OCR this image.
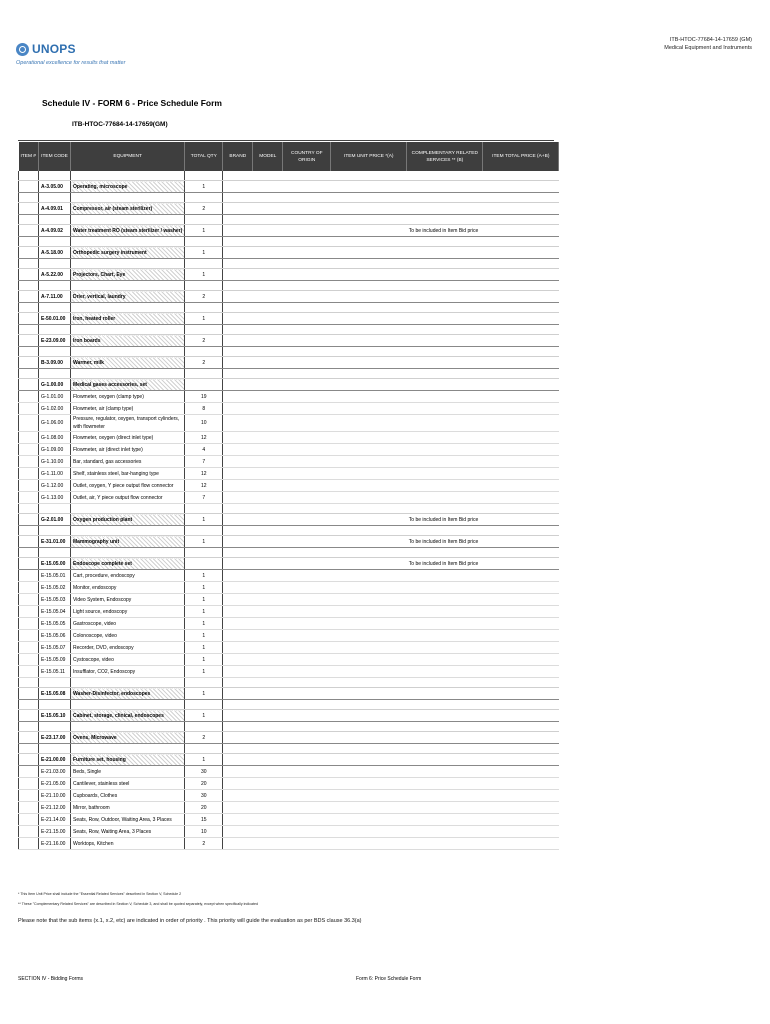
ITB-HTOC-77684-14-17659 (GM)
Medical Equipment and Instruments
UNOPS
Operational excellence for results that matter
Schedule IV - FORM 6 - Price Schedule Form
ITB-HTOC-77684-14-17659(GM)
ITEM #	ITEM CODE	EQUIPMENT	TOTAL QTY	BRAND	MODEL	COUNTRY OF ORIGIN	ITEM UNIT PRICE *(A)	COMPLEMENTARY RELATED SERVICES ** (B)	ITEM TOTAL PRICE (A+B)

	A-3.05.00	Operating, microscope	1						

	A-4.09.01	Compressor, air (steam sterilizer)	2						

	A-4.09.02	Water treatment RO (steam sterilizer / washer)	1					To be included in Item Bid price	

	A-5.18.00	Orthopedic surgery instrument	1						

	A-5.22.00	Projectors, Chart, Eye	1						

	A-7.11.00	Drier, vertical, laundry	2						

	E-50.01.00	Iron, heated roller	1						

	E-23.09.00	Iron boards	2						

	B-3.09.00	Warmer, milk	2						

	G-1.00.00	Medical gases accessories, set							
	G-1.01.00	Flowmeter, oxygen (clamp type)	19						
	G-1.02.00	Flowmeter, air (clamp type)	8						
	G-1.06.00	Pressure, regulator, oxygen, transport cylinders, with flowmeter	10						
	G-1.08.00	Flowmeter, oxygen (direct inlet type)	12						
	G-1.09.00	Flowmeter, air (direct inlet type)	4						
	G-1.10.00	Bar, standard, gas accessories	7						
	G-1.11.00	Shelf, stainless steel, bar-hanging type	12						
	G-1.12.00	Outlet, oxygen, Y piece output flow connector	12						
	G-1.13.00	Outlet, air, Y piece output flow connector	7						

	G-2.01.00	Oxygen production plant	1					To be included in Item Bid price	

	E-31.01.00	Mammography unit	1					To be included in Item Bid price	

	E-15.05.00	Endoscope complete set						To be included in Item Bid price	
	E-15.05.01	Cart, procedure, endoscopy	1						
	E-15.05.02	Monitor, endoscopy	1						
	E-15.05.03	Video System, Endoscopy	1						
	E-15.05.04	Light source, endoscopy	1						
	E-15.05.05	Gastroscope, video	1						
	E-15.05.06	Colonoscope, video	1						
	E-15.05.07	Recorder, DVD, endoscopy	1						
	E-15.05.09	Cystoscope, video	1						
	E-15.05.11	Insufflator, CO2, Endoscopy	1						

	E-15.05.08	Washer-Disinfector, endoscopes	1						

	E-15.05.10	Cabinet, storage, clinical, endoscopes	1						

	E-23.17.00	Ovens, Microwave	2						

	E-21.00.00	Furniture set, housing	1						
	E-21.03.00	Beds, Single	30						
	E-21.05.00	Cantilever, stainless steel	20						
	E-21.10.00	Cupboards, Clothes	30						
	E-21.12.00	Mirror, bathroom	20						
	E-21.14.00	Seats, Row, Outdoor, Waiting Area, 3 Places	15						
	E-21.15.00	Seats, Row, Waiting Area, 3 Places	10						
	E-21.16.00	Worktops, Kitchen	2						
* This Item Unit Price shall include the "Essential Related Services" described in Section V, Schedule 2
** These "Complementary Related Services" are described in Section V, Schedule 3, and shall be quoted separately, except when specifically indicated
Please note that the sub items (x.1, x.2, etc) are indicated in order of priority . This priority will guide the evaluation as per BDS clause 36.3(a)
SECTION IV - Bidding Forms	Form 6: Price Schedule Form
